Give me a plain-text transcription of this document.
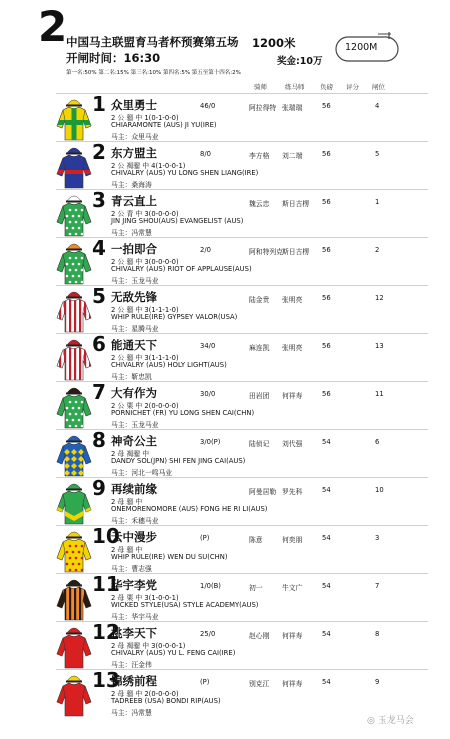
2
中国马主联盟育马者杯预赛第五场
开闸时间：16:30
1200米
奖金:10万
1200M
第一名:50% 第二名:15% 第三名:10% 第四名:5% 第五至第十四名:2%
骑师	练马师 负磅 评分 闸位
1 众里勇士
2 公 骝 中 1(0-1-0-0)
CHIARAMONTE (AUS) JI YU(IRE)
马主：众里马业
46/0	阿拉得特 张瑞瑞	56	4
2 东方盟主
2 公 褐骝 中 4(1-0-0-1)
CHIVALRY (AUS) YU LONG SHEN LIANG(IRE)
马主：桑海涛
8/0	李方格 刘二端	56	5
3 青云直上
2 公 青 中 3(0-0-0-0)
JIN JING SHOU(AUS) EVANGELIST (AUS)
马主：冯常慧
魏云忠 斯日古楞 56	1
4 一拍即合
2 公 骝 中 3(0-0-0-0)
CHIVALRY (AUS) RIOT OF APPLAUSE(AUS)
马主：玉龙马业
2/0	阿和特列克 斯日古楞 56	2
5 无敌先锋
2 公 骝 中 3(1-1-1-0)
WHIP RULE(IRE) GYPSEY VALOR(USA)
马主：星腾马业
陆金贵 张明亮	56	12
6 能通天下
2 公 骝 中 3(1-1-1-0)
CHIVALRY (AUS) HOLY LIGHT(AUS)
马主：靳忠凯
34/0	麻连凯 张明亮	56	13
7 大有作为
2 公 栗 中 2(0-0-0-0)
PORNICHET (FR) YU LONG SHEN CAI(CHN)
马主：玉龙马业
30/0	田岩团 何祥寿	56	11
8 神奇公主
2 母 褐骝 中
DANDY SOL(JPN) SHI FEN JING CAI(AUS)
马主：河北一鸣马业
3/0(P)	陆侦记 刘代强	54	6
9 再续前缘
2 母 骝 中
ONEMORENOMORE (AUS) FONG HE RI LI(AUS)
马主：禾穗马业
阿曼居勒 罗先科	54	10
10
云中漫步
2 母 骝 中
WHIP RULE(IRE) WEN DU SU(CHN)
马主：曹志强
(P)	陈意	何奕朋	54	3
11
华宇李党
2 母 栗 中 3(1-0-0-1)
WICKED STYLE(USA) STYLE ACADEMY(AUS)
马主：华宇马业
1/0(B)	初一	牛文广	54	7
12
桃李天下
2 母 褐骝 中 3(0-0-0-1)
CHIVALRY (AUS) YU L. FENG CAI(IRE)
马主：汪金伟
25/0	赵心刚 何祥寿	54	8
13
锦绣前程
2 母 骝 中 2(0-0-0-0)
TADREEB (USA) BONDI RIP(AUS)
马主：冯常慧
(P)	别克江 何祥寿	54	9
◎ 玉龙马会
